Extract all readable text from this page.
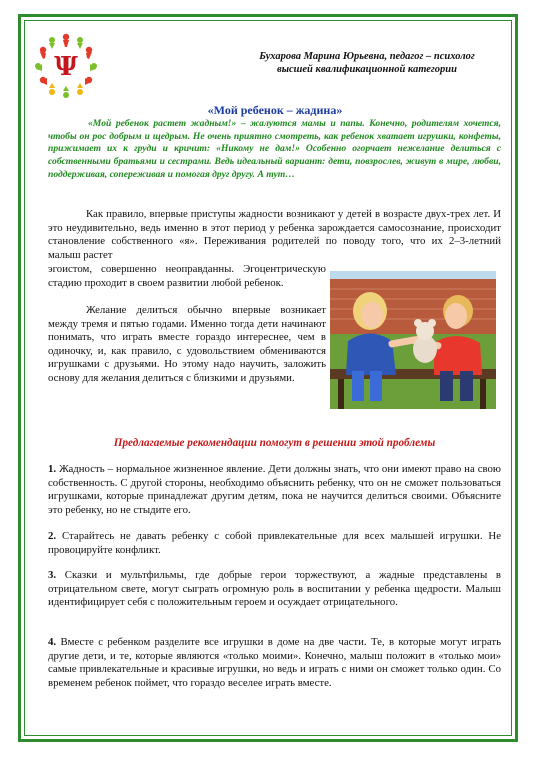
Ψ	Бухарова Марина Юрьевна, педагог – психолог
высшей квалификационной категории
«Мой ребенок – жадина»
«Мой ребенок растет жадным!» – жалуются мамы и папы. Конечно, родителям хочется, чтобы он рос добрым и щедрым. Не очень приятно смотреть, как ребенок хватает игрушки, конфеты, прижимает их к груди и кричит: «Никому не дам!» Особенно огорчает нежелание делиться с собственными братьями и сестрами. Ведь идеальный вариант: дети, повзрослев, живут в мире, любви, поддерживая, сопереживая и помогая друг другу. А тут…
Как правило, впервые приступы жадности возникают у детей в возрасте двух-трех лет. И это неудивительно, ведь именно в этот период у ребенка зарождается самосознание, происходит становление собственного «я». Переживания родителей по поводу того, что их 2–3-летний малыш растет
эгоистом, совершенно неоправданны. Эгоцентрическую стадию проходит в своем развитии любой ребенок.
Желание делиться обычно впервые возникает между тремя и пятью годами. Именно тогда дети начинают понимать, что играть вместе гораздо интереснее, чем в одиночку, и, как правило, с удовольствием обмениваются игрушками с друзьями. Но этому надо научить, заложить основу для желания делиться с близкими и друзьями.
Предлагаемые рекомендации помогут в решении этой проблемы
1. Жадность – нормальное жизненное явление. Дети должны знать, что они имеют право на свою собственность. С другой стороны, необходимо объяснить ребенку, что он не сможет пользоваться игрушками, которые принадлежат другим детям, пока не научится делиться своими. Объясните это ребенку, но не стыдите его.
2. Старайтесь не давать ребенку с собой привлекательные для всех малышей игрушки. Не провоцируйте конфликт.
3. Сказки и мультфильмы, где добрые герои торжествуют, а жадные представлены в отрицательном свете, могут сыграть огромную роль в воспитании у ребенка щедрости. Малыш идентифицирует себя с положительным героем и осуждает отрицательного.
4. Вместе с ребенком разделите все игрушки в доме на две части. Те, в которые могут играть другие дети, и те, которые являются «только моими». Конечно, малыш положит в «только мои» самые привлекательные и красивые игрушки, но ведь и играть с ними он сможет только один. Со временем ребенок поймет, что гораздо веселее играть вместе.
